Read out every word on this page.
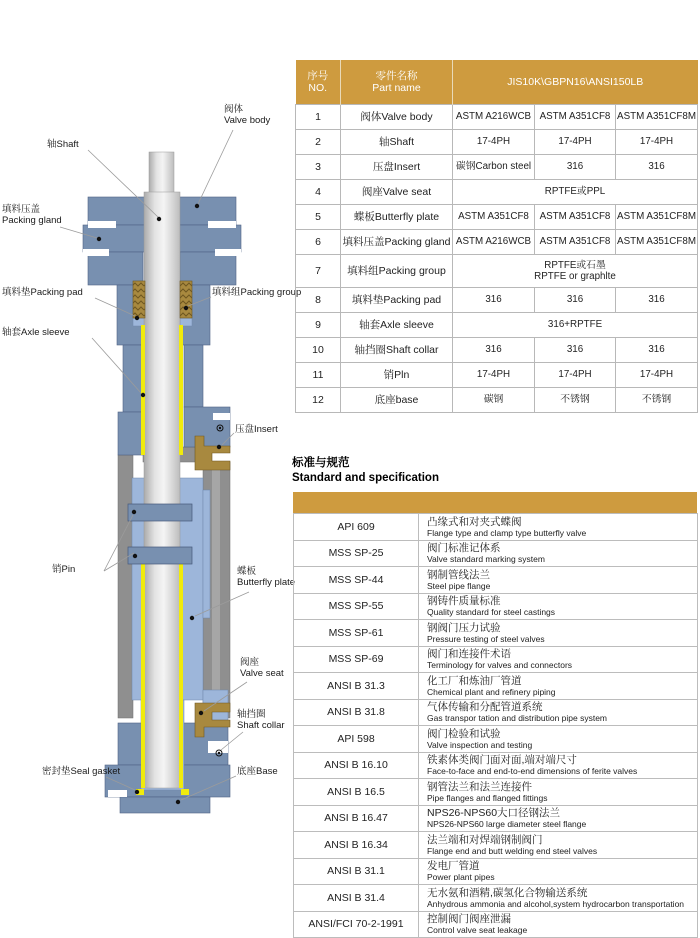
阀体
Valve body
轴Shaft
填料压盖
Packing gland
填料垫Packing pad	填料组Packing group
轴套Axle sleeve
压盘Insert
销Pin	蝶板
Butterfly plate
阀座
Valve seat
轴挡圈
Shaft collar
密封垫Seal gasket	底座Base
序号
NO.

零件名称
Part name
	JIS10K\GBPN16\ANSI150LB
1	阀体Valve body	ASTM A216WCB	ASTM A351CF8	ASTM A351CF8M
2	轴Shaft	17-4PH	17-4PH	17-4PH
3	压盘Insert	碳钢Carbon steel	316	316
4	阀座Valve seat	RPTFE或PPL		
5	蝶板Butterfly plate	ASTM A351CF8	ASTM A351CF8	ASTM A351CF8M
6	填料压盖Packing gland	ASTM A216WCB	ASTM A351CF8	ASTM A351CF8M
7	填料组Packing group	RPTFE或石墨
RPTFE or graphlte		

8	填料垫Packing pad	316	316	316
9	轴套Axle sleeve	316+RPTFE		
10	轴挡圈Shaft collar	316	316	316
11	销Pln	17-4PH	17-4PH	17-4PH
12	底座base	碳钢	不锈钢	不锈钢
标准与规范
Standard and specification
API 609	凸缘式和对夹式蝶阀
Flange type and clamp type butterfly valve

MSS SP-25	阀门标准记体系
Valve standard marking system

MSS SP-44	钢制管线法兰
Steel pipe flange

MSS SP-55	钢铸件质量标准
Quality standard for steel castings

MSS SP-61	钢阀门压力试验
Pressure testing of steel valves

MSS SP-69	阀门和连接件术语
Terminology for valves and connectors

ANSI B 31.3	化工厂和炼油厂管道
Chemical plant and refinery piping

ANSI B 31.8	气体传输和分配管道系统
Gas transpor tation and distribution pipe system

API 598	阀门检验和试验
Valve inspection and testing

ANSI B 16.10	铁素体类阀门面对面,端对端尺寸
Face-to-face and end-to-end dimensions of ferite valves

ANSI B 16.5	钢管法兰和法兰连接件
Pipe flanges and flanged fittings

ANSI B 16.47	NPS26-NPS60大口径钢法兰
NPS26-NPS60 large diameter steel flange

ANSI B 16.34	法兰端和对焊端钢制阀门
Flange end and butt welding end steel valves

ANSI B 31.1	发电厂管道
Power plant pipes

ANSI B 31.4	无水氨和酒精,碳氢化合物输送系统
Anhydrous ammonia and alcohol,system hydrocarbon transportation

ANSI/FCI 70-2-1991	控制阀门阀座泄漏
Control valve seat leakage
